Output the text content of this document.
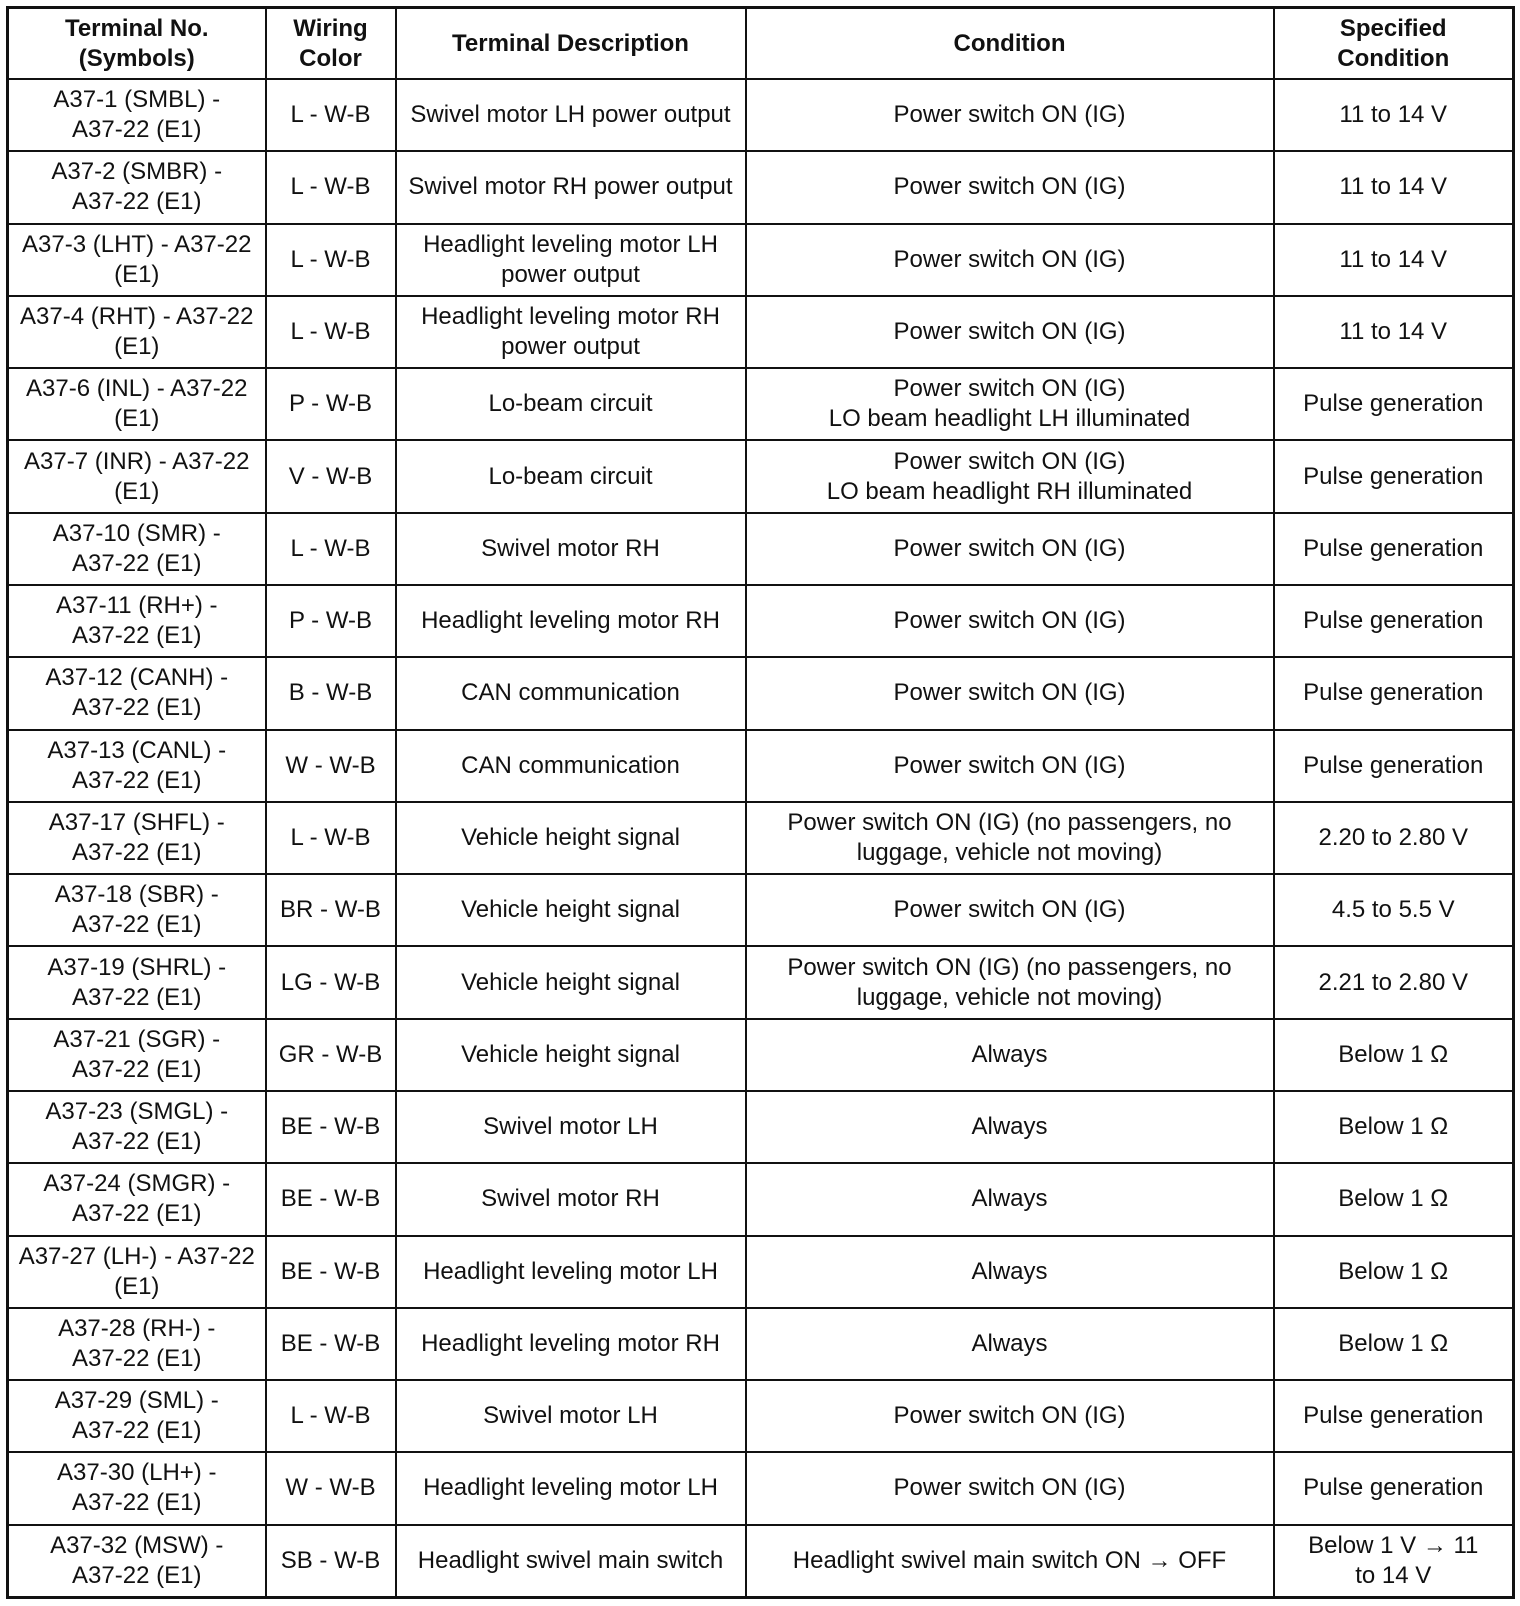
Terminal No.
(Symbols)	Wiring
Color	Terminal Description	Condition	Specified
Condition
A37-1 (SMBL) -
A37-22 (E1)	L - W-B	Swivel motor LH power output	Power switch ON (IG)	11 to 14 V
A37-2 (SMBR) -
A37-22 (E1)	L - W-B	Swivel motor RH power output	Power switch ON (IG)	11 to 14 V
A37-3 (LHT) - A37-22
(E1)	L - W-B	Headlight leveling motor LH
power output	Power switch ON (IG)	11 to 14 V
A37-4 (RHT) - A37-22
(E1)	L - W-B	Headlight leveling motor RH
power output	Power switch ON (IG)	11 to 14 V
A37-6 (INL) - A37-22
(E1)	P - W-B	Lo-beam circuit	Power switch ON (IG)
LO beam headlight LH illuminated	Pulse generation
A37-7 (INR) - A37-22
(E1)	V - W-B	Lo-beam circuit	Power switch ON (IG)
LO beam headlight RH illuminated	Pulse generation
A37-10 (SMR) -
A37-22 (E1)	L - W-B	Swivel motor RH	Power switch ON (IG)	Pulse generation
A37-11 (RH+) -
A37-22 (E1)	P - W-B	Headlight leveling motor RH	Power switch ON (IG)	Pulse generation
A37-12 (CANH) -
A37-22 (E1)	B - W-B	CAN communication	Power switch ON (IG)	Pulse generation
A37-13 (CANL) -
A37-22 (E1)	W - W-B	CAN communication	Power switch ON (IG)	Pulse generation
A37-17 (SHFL) -
A37-22 (E1)	L - W-B	Vehicle height signal	Power switch ON (IG) (no passengers, no
luggage, vehicle not moving)	2.20 to 2.80 V
A37-18 (SBR) -
A37-22 (E1)	BR - W-B	Vehicle height signal	Power switch ON (IG)	4.5 to 5.5 V
A37-19 (SHRL) -
A37-22 (E1)	LG - W-B	Vehicle height signal	Power switch ON (IG) (no passengers, no
luggage, vehicle not moving)	2.21 to 2.80 V
A37-21 (SGR) -
A37-22 (E1)	GR - W-B	Vehicle height signal	Always	Below 1 Ω
A37-23 (SMGL) -
A37-22 (E1)	BE - W-B	Swivel motor LH	Always	Below 1 Ω
A37-24 (SMGR) -
A37-22 (E1)	BE - W-B	Swivel motor RH	Always	Below 1 Ω
A37-27 (LH-) - A37-22
(E1)	BE - W-B	Headlight leveling motor LH	Always	Below 1 Ω
A37-28 (RH-) -
A37-22 (E1)	BE - W-B	Headlight leveling motor RH	Always	Below 1 Ω
A37-29 (SML) -
A37-22 (E1)	L - W-B	Swivel motor LH	Power switch ON (IG)	Pulse generation
A37-30 (LH+) -
A37-22 (E1)	W - W-B	Headlight leveling motor LH	Power switch ON (IG)	Pulse generation
A37-32 (MSW) -
A37-22 (E1)	SB - W-B	Headlight swivel main switch	Headlight swivel main switch ON → OFF	Below 1 V → 11
to 14 V
